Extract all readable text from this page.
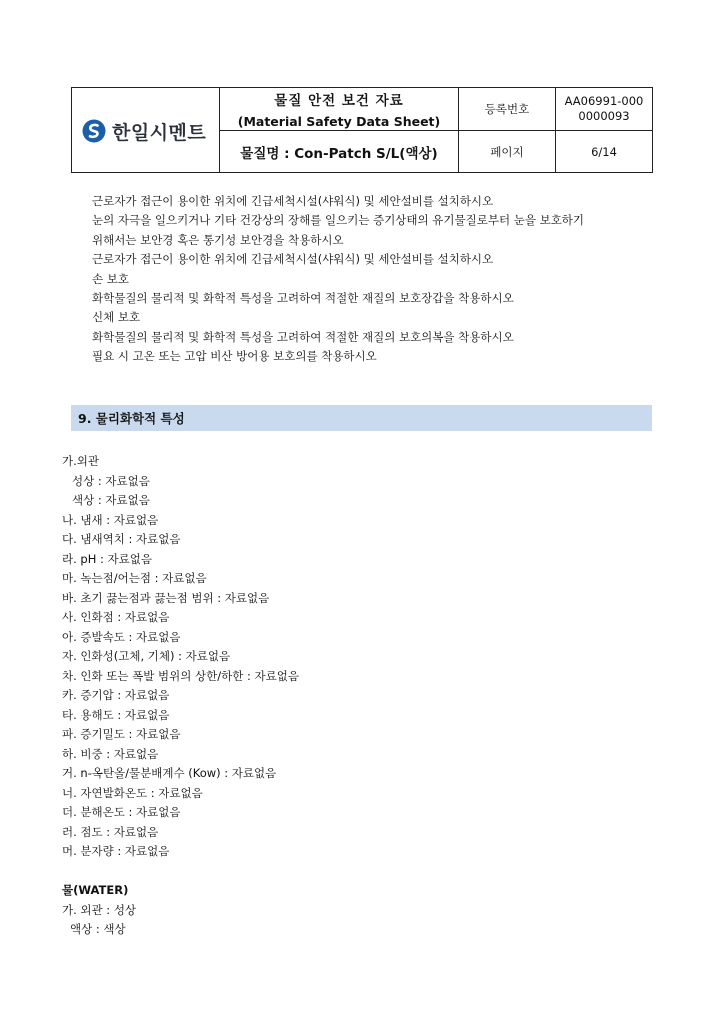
한일시멘트
물질 안전 보건 자료
(Material Safety Data Sheet)
물질명 : Con-Patch S/L(액상)
등록번호
페이지
AA06991-000
0000093
6/14
근로자가 접근이 용이한 위치에 긴급세척시설(샤워식) 및 세안설비를 설치하시오
눈의 자극을 일으키거나 기타 건강상의 장해를 일으키는 증기상태의 유기물질로부터 눈을 보호하기
위해서는 보안경 혹은 통기성 보안경을 착용하시오
근로자가 접근이 용이한 위치에 긴급세척시설(샤워식) 및 세안설비를 설치하시오
손 보호
화학물질의 물리적 및 화학적 특성을 고려하여 적절한 재질의 보호장갑을 착용하시오
신체 보호
화학물질의 물리적 및 화학적 특성을 고려하여 적절한 재질의 보호의복을 착용하시오
필요 시 고온 또는 고압 비산 방어용 보호의를 착용하시오
9. 물리화학적 특성
가.외관
성상 : 자료없음
색상 : 자료없음
나. 냄새 : 자료없음
다. 냄새역치 : 자료없음
라. pH : 자료없음
마. 녹는점/어는점 : 자료없음
바. 초기 끓는점과 끓는점 범위 : 자료없음
사. 인화점 : 자료없음
아. 증발속도 : 자료없음
자. 인화성(고체, 기체) : 자료없음
차. 인화 또는 폭발 범위의 상한/하한 : 자료없음
카. 증기압 : 자료없음
타. 용해도 : 자료없음
파. 증기밀도 : 자료없음
하. 비중 : 자료없음
거. n-옥탄올/물분배계수 (Kow) : 자료없음
너. 자연발화온도 : 자료없음
더. 분해온도 : 자료없음
러. 점도 : 자료없음
머. 분자량 : 자료없음
물(WATER)
가. 외관 : 성상
액상 : 색상
